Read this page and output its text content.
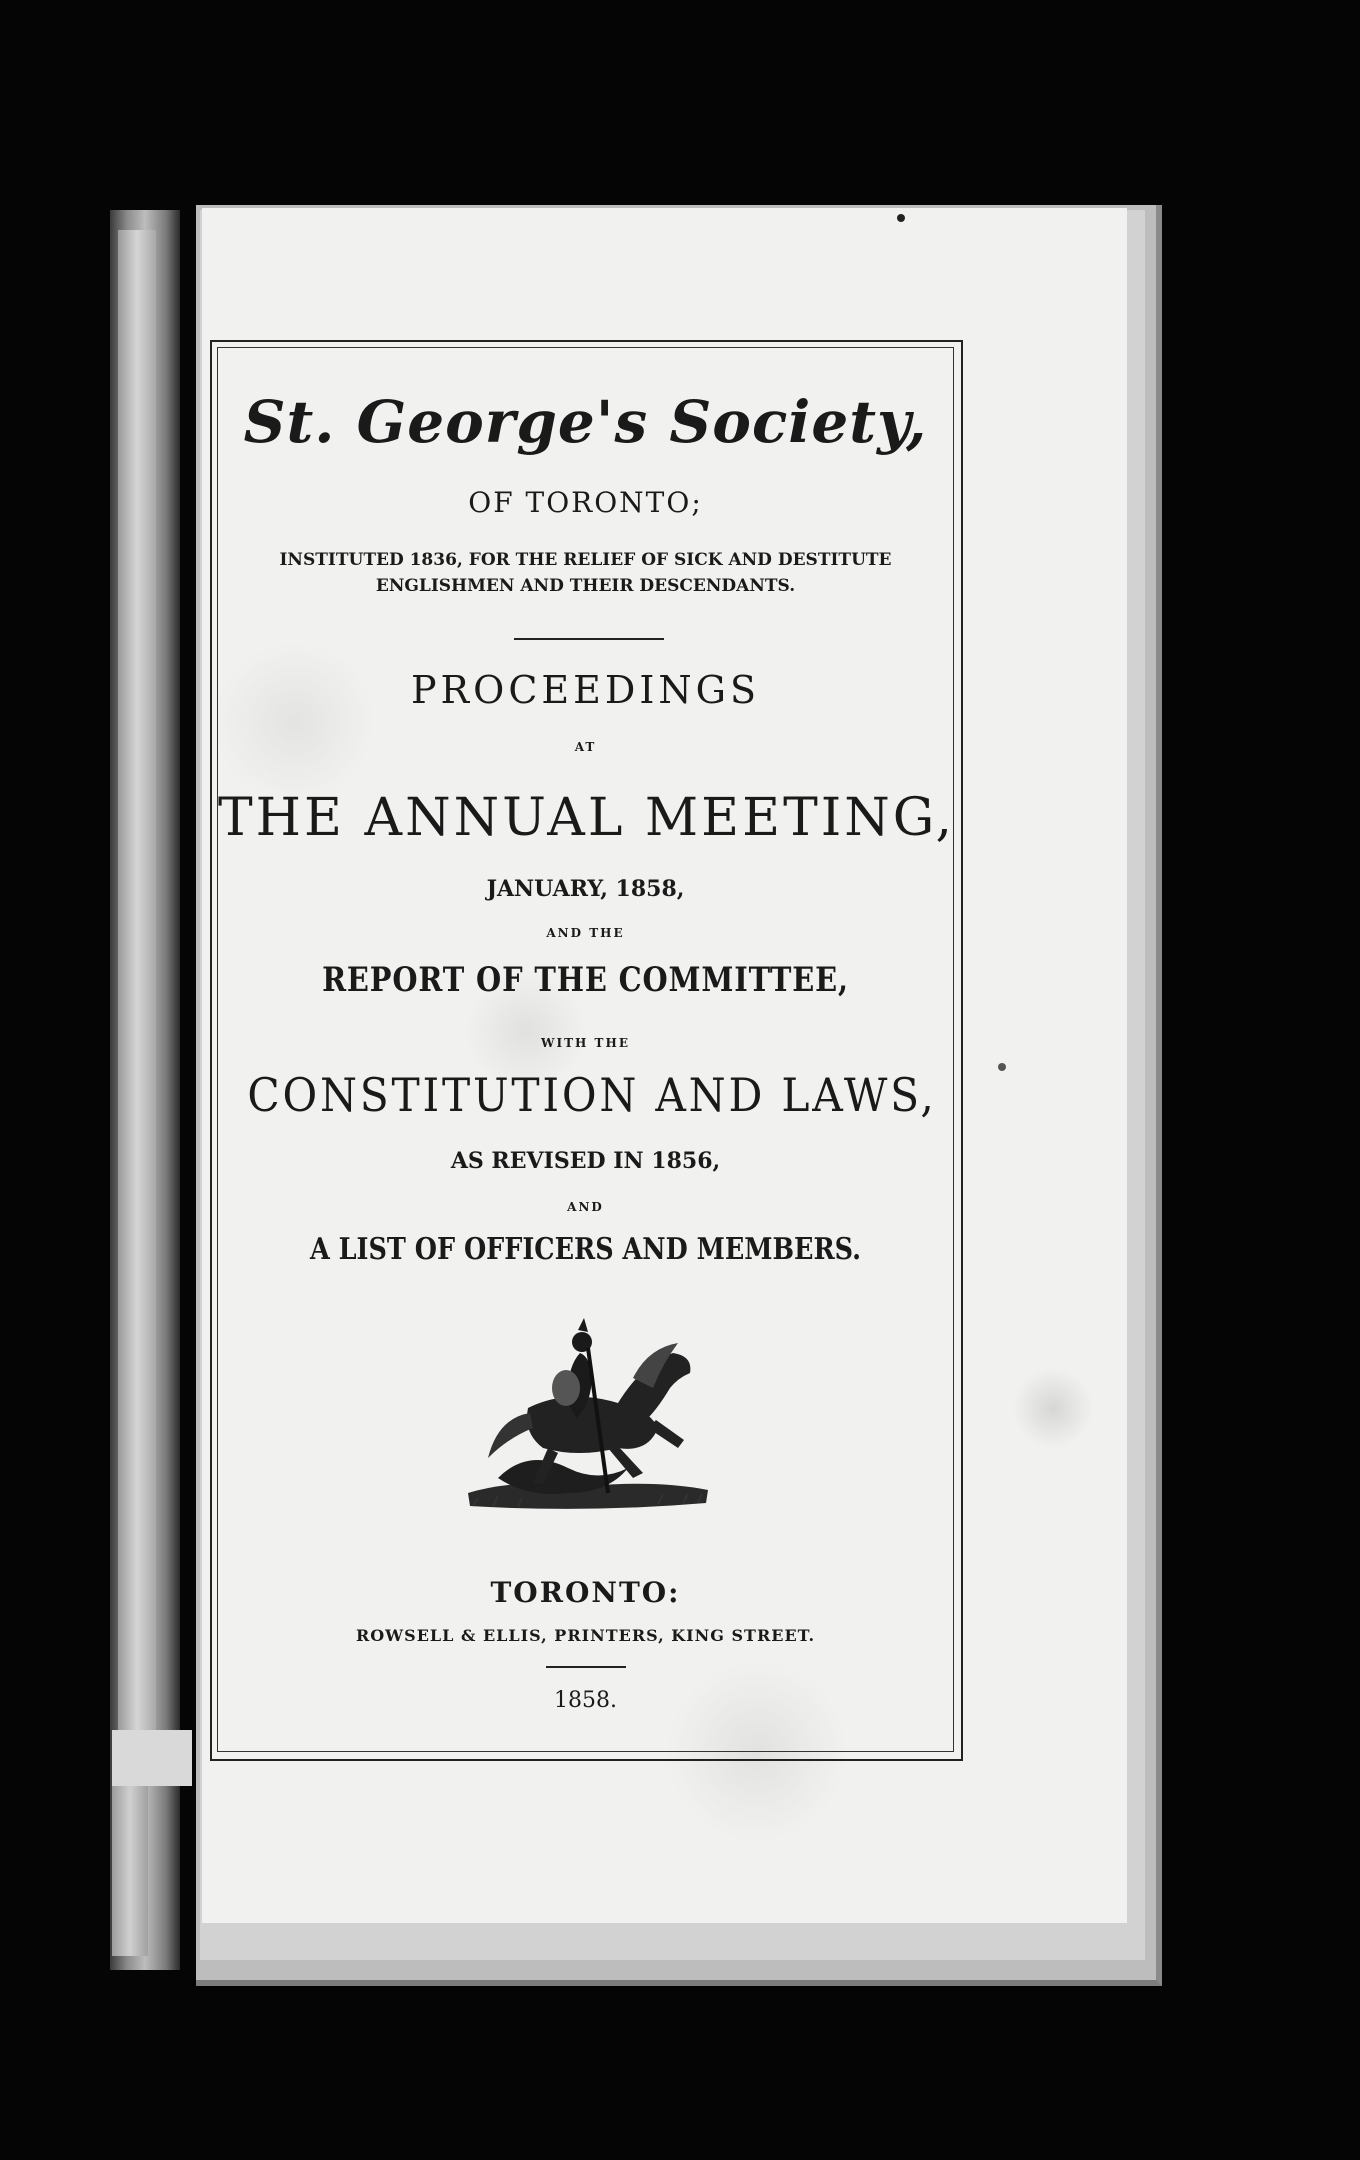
St. George's Society,
OF TORONTO;
INSTITUTED 1836, FOR THE RELIEF OF SICK AND DESTITUTE
ENGLISHMEN AND THEIR DESCENDANTS.
PROCEEDINGS
AT
THE ANNUAL MEETING,
JANUARY, 1858,
AND THE
REPORT OF THE COMMITTEE,
WITH THE
CONSTITUTION AND LAWS,
AS REVISED IN 1856,
AND
A LIST OF OFFICERS AND MEMBERS.
TORONTO:
ROWSELL & ELLIS, PRINTERS, KING STREET.
1858.
